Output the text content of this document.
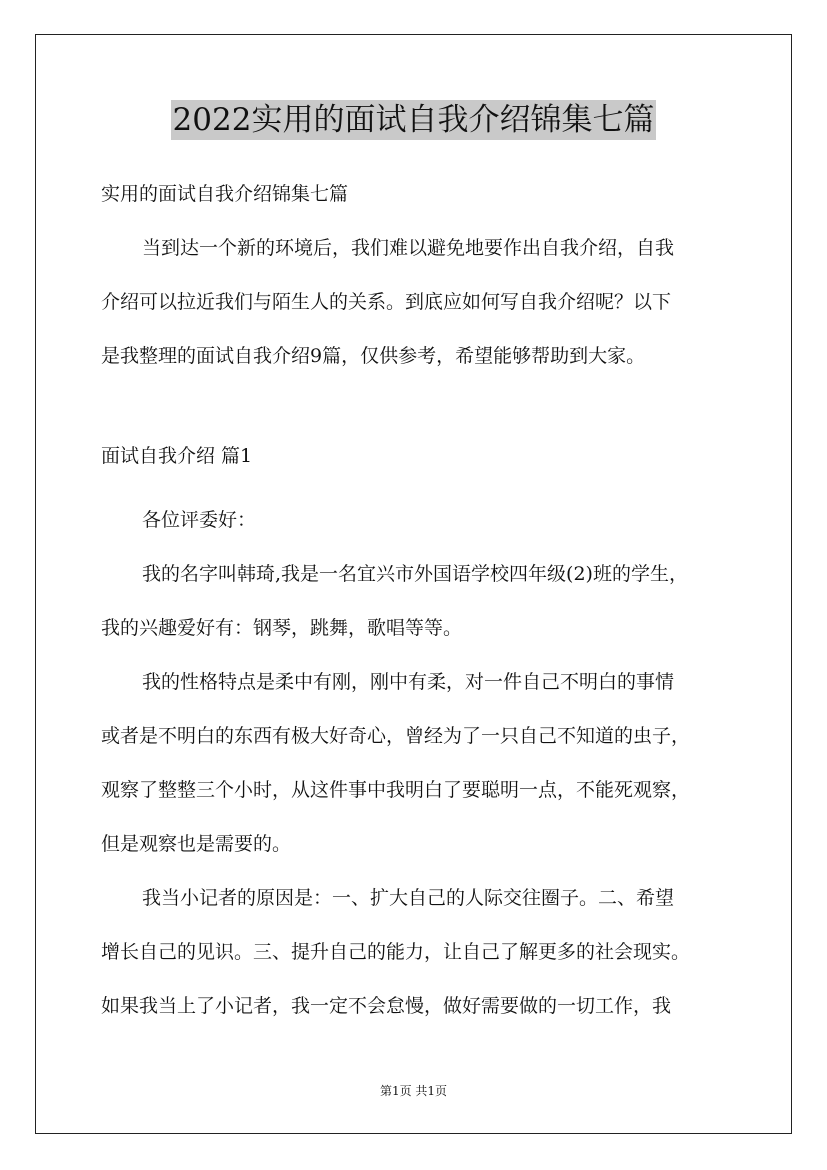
2022实用的面试自我介绍锦集七篇
实用的面试自我介绍锦集七篇
当到达一个新的环境后，我们难以避免地要作出自我介绍，自我
介绍可以拉近我们与陌生人的关系。到底应如何写自我介绍呢？以下
是我整理的面试自我介绍9篇，仅供参考，希望能够帮助到大家。
面试自我介绍 篇1
各位评委好：
我的名字叫韩琦,我是一名宜兴市外国语学校四年级(2)班的学生，
我的兴趣爱好有：钢琴，跳舞，歌唱等等。
我的性格特点是柔中有刚，刚中有柔，对一件自己不明白的事情
或者是不明白的东西有极大好奇心，曾经为了一只自己不知道的虫子，
观察了整整三个小时，从这件事中我明白了要聪明一点，不能死观察，
但是观察也是需要的。
我当小记者的原因是：一、扩大自己的人际交往圈子。二、希望
增长自己的见识。三、提升自己的能力，让自己了解更多的社会现实。
如果我当上了小记者，我一定不会怠慢，做好需要做的一切工作，我
第1页 共1页
